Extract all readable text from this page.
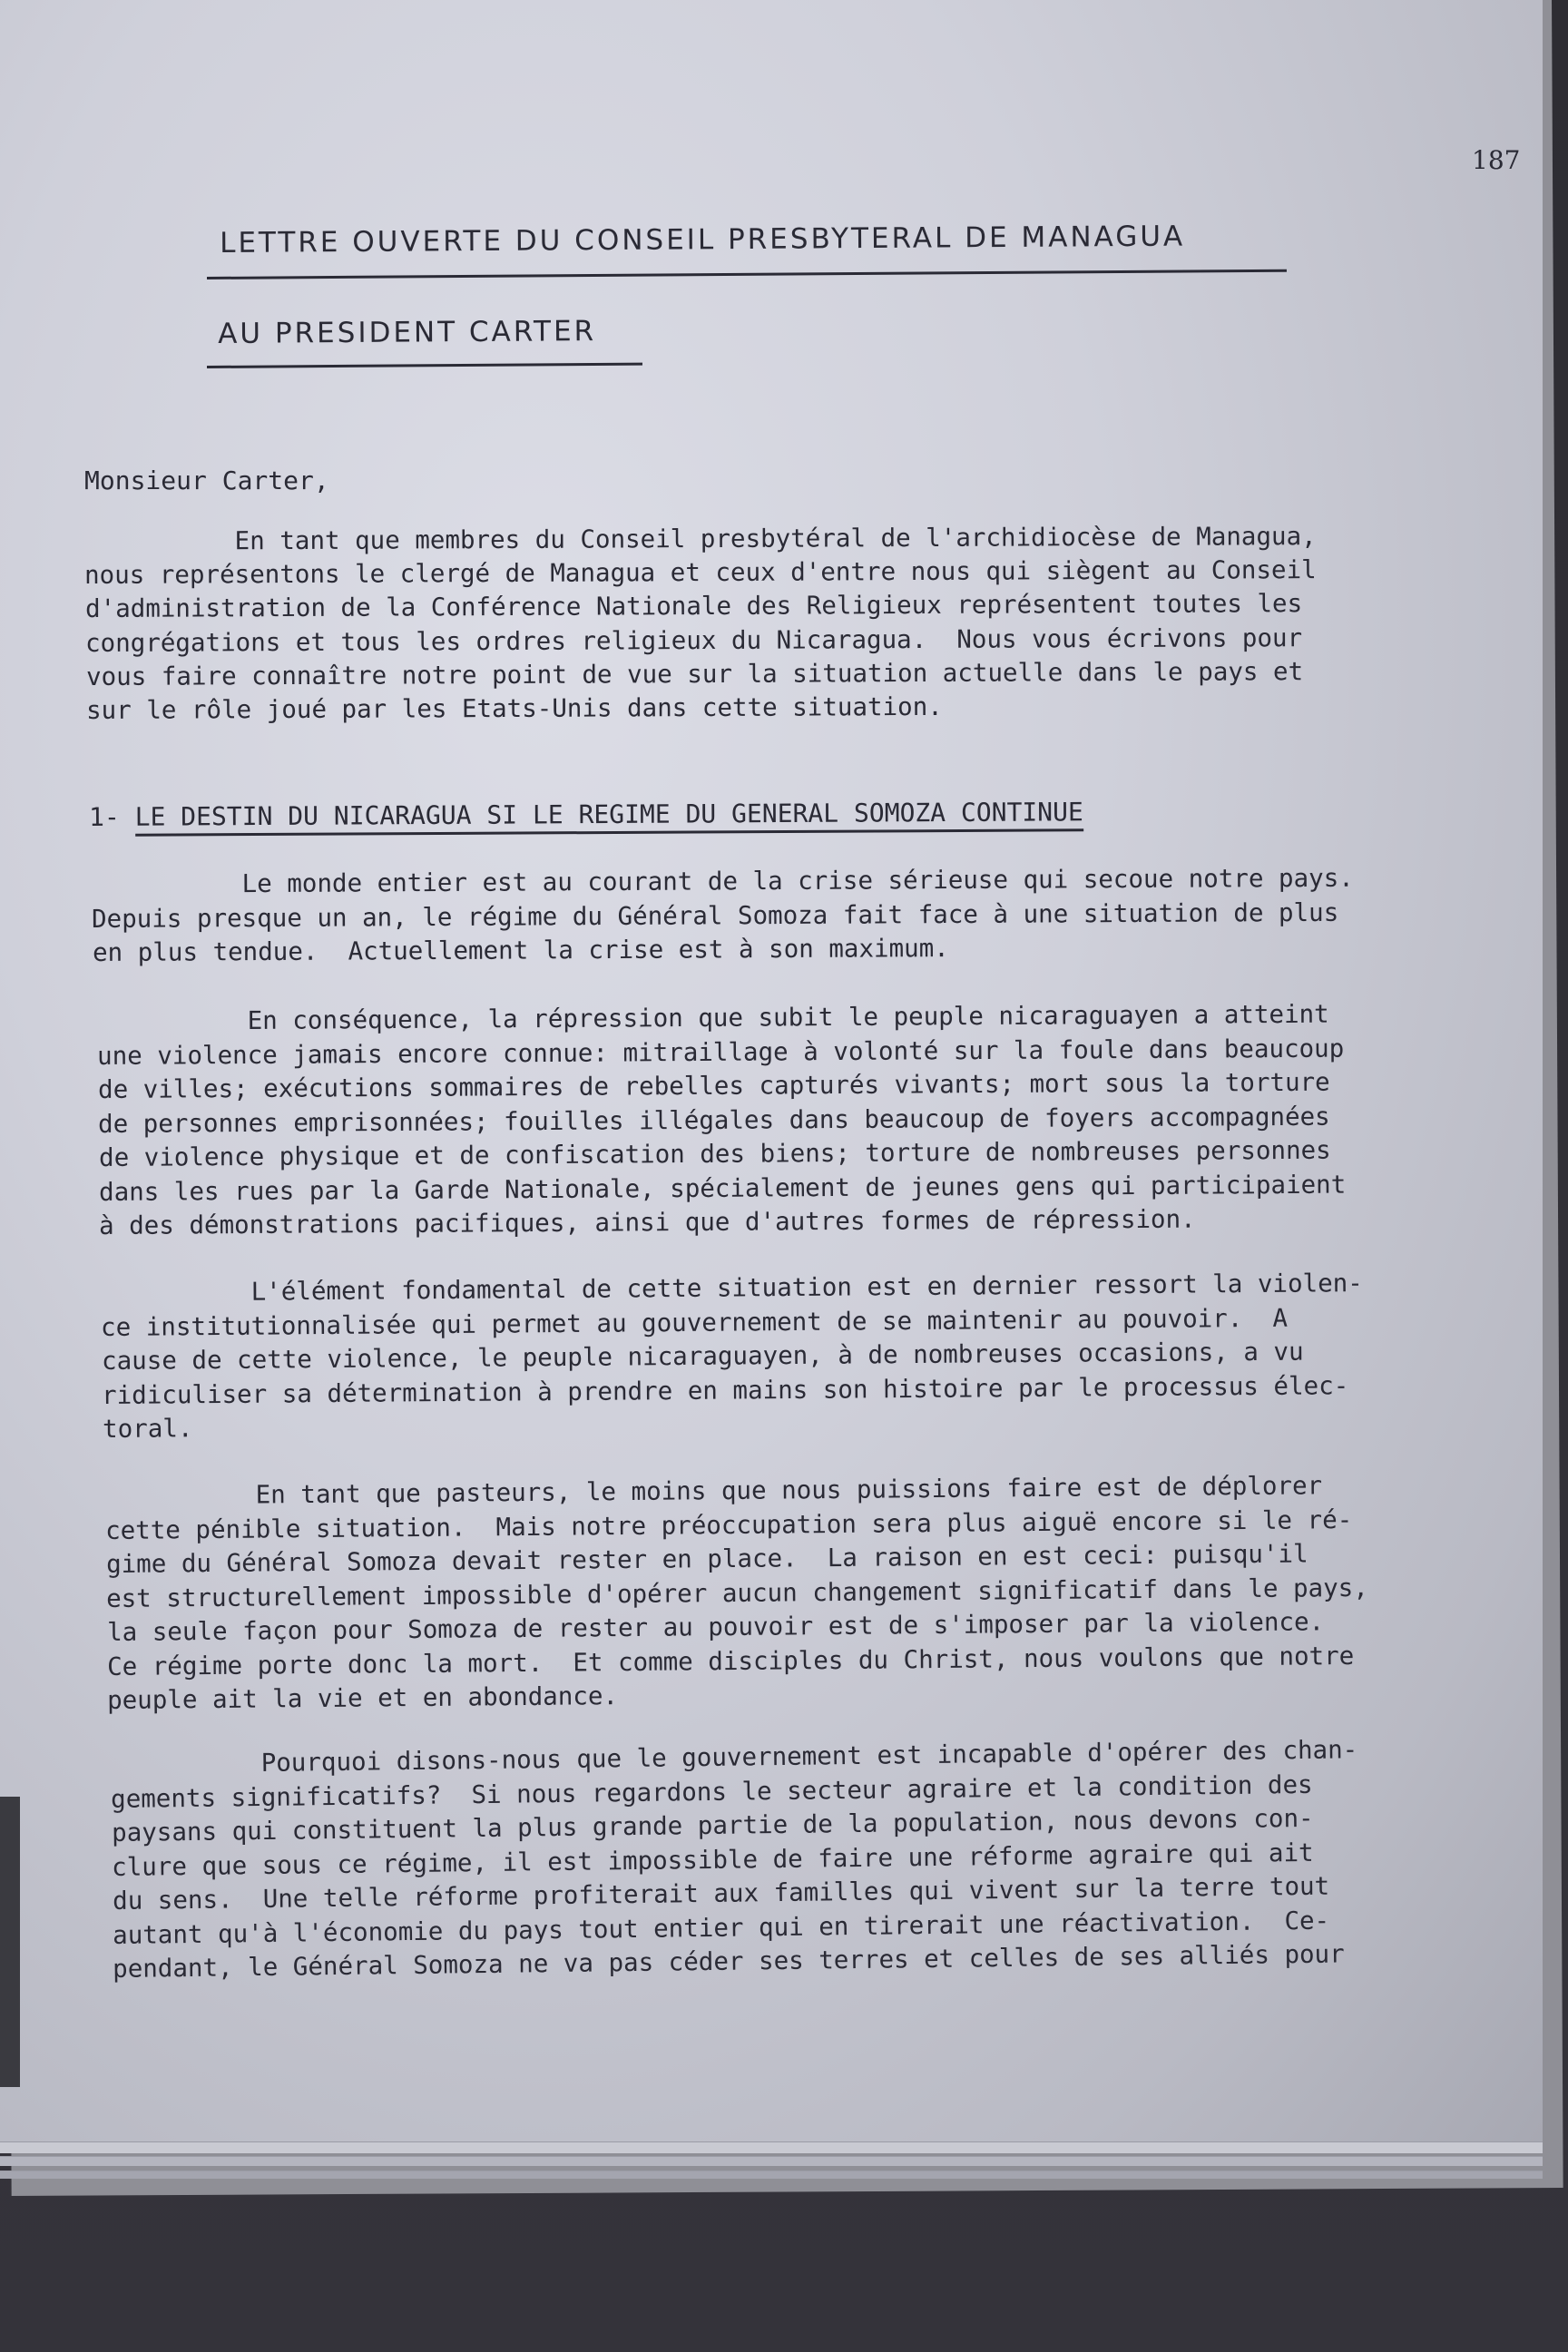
187
LETTRE OUVERTE DU CONSEIL PRESBYTERAL DE MANAGUA
AU PRESIDENT CARTER
Monsieur Carter,
1- LE DESTIN DU NICARAGUA SI LE REGIME DU GENERAL SOMOZA CONTINUE
En tant que membres du Conseil presbytéral de l'archidiocèse de Managua,
nous représentons le clergé de Managua et ceux d'entre nous qui siègent au Conseil
d'administration de la Conférence Nationale des Religieux représentent toutes les
congrégations et tous les ordres religieux du Nicaragua.  Nous vous écrivons pour
vous faire connaître notre point de vue sur la situation actuelle dans le pays et
sur le rôle joué par les Etats-Unis dans cette situation.
Le monde entier est au courant de la crise sérieuse qui secoue notre pays.
Depuis presque un an, le régime du Général Somoza fait face à une situation de plus
en plus tendue.  Actuellement la crise est à son maximum.
En conséquence, la répression que subit le peuple nicaraguayen a atteint
une violence jamais encore connue: mitraillage à volonté sur la foule dans beaucoup
de villes; exécutions sommaires de rebelles capturés vivants; mort sous la torture
de personnes emprisonnées; fouilles illégales dans beaucoup de foyers accompagnées
de violence physique et de confiscation des biens; torture de nombreuses personnes
dans les rues par la Garde Nationale, spécialement de jeunes gens qui participaient
à des démonstrations pacifiques, ainsi que d'autres formes de répression.
L'élément fondamental de cette situation est en dernier ressort la violen-
ce institutionnalisée qui permet au gouvernement de se maintenir au pouvoir.  A
cause de cette violence, le peuple nicaraguayen, à de nombreuses occasions, a vu
ridiculiser sa détermination à prendre en mains son histoire par le processus élec-
toral.
En tant que pasteurs, le moins que nous puissions faire est de déplorer
cette pénible situation.  Mais notre préoccupation sera plus aiguë encore si le ré-
gime du Général Somoza devait rester en place.  La raison en est ceci: puisqu'il
est structurellement impossible d'opérer aucun changement significatif dans le pays,
la seule façon pour Somoza de rester au pouvoir est de s'imposer par la violence.
Ce régime porte donc la mort.  Et comme disciples du Christ, nous voulons que notre
peuple ait la vie et en abondance.
Pourquoi disons-nous que le gouvernement est incapable d'opérer des chan-
gements significatifs?  Si nous regardons le secteur agraire et la condition des
paysans qui constituent la plus grande partie de la population, nous devons con-
clure que sous ce régime, il est impossible de faire une réforme agraire qui ait
du sens.  Une telle réforme profiterait aux familles qui vivent sur la terre tout
autant qu'à l'économie du pays tout entier qui en tirerait une réactivation.  Ce-
pendant, le Général Somoza ne va pas céder ses terres et celles de ses alliés pour
